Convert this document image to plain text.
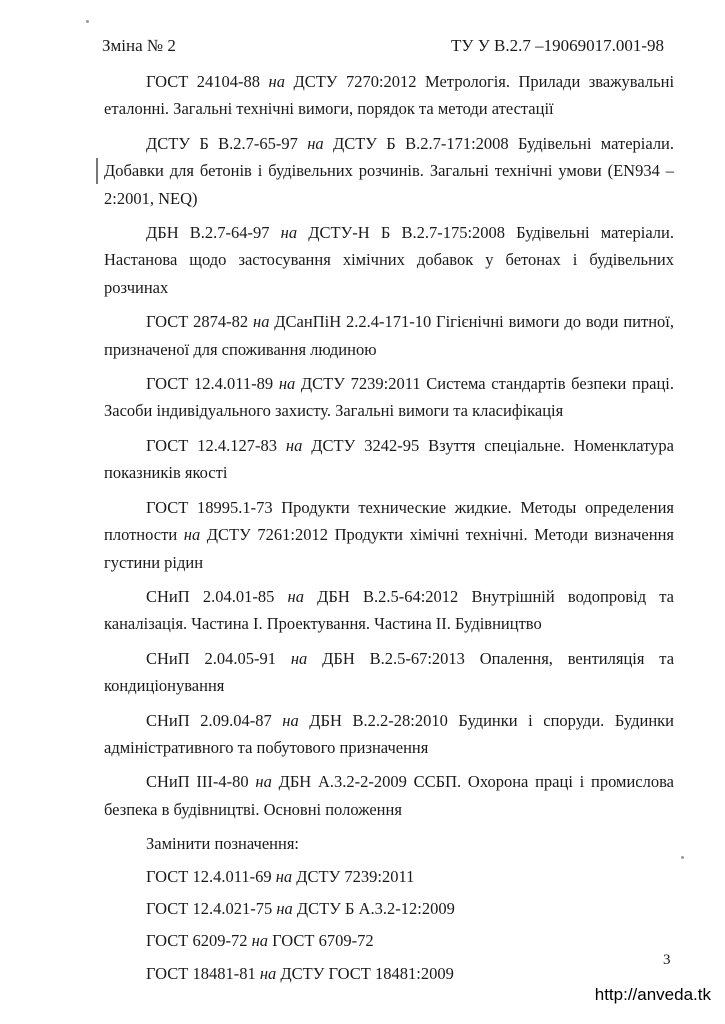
Зміна № 2	ТУ У В.2.7 –19069017.001-98

ГОСТ 24104-88 на ДСТУ 7270:2012 Метрологія. Прилади зважувальні еталонні. Загальні технічні вимоги, порядок та методи атестації

ДСТУ Б В.2.7-65-97 на ДСТУ Б В.2.7-171:2008 Будівельні матеріали. Добавки для бетонів і будівельних розчинів. Загальні технічні умови (EN934 – 2:2001, NEQ)

ДБН В.2.7-64-97 на ДСТУ-Н Б В.2.7-175:2008 Будівельні матеріали. Настанова щодо застосування хімічних добавок у бетонах і будівельних розчинах

ГОСТ 2874-82 на ДСанПіН 2.2.4-171-10 Гігієнічні вимоги до води питної, призначеної для споживання людиною

ГОСТ 12.4.011-89 на ДСТУ 7239:2011 Система стандартів безпеки праці. Засоби індивідуального захисту. Загальні вимоги та класифікація

ГОСТ 12.4.127-83 на ДСТУ 3242-95 Взуття спеціальне. Номенклатура показників якості

ГОСТ 18995.1-73 Продукти технические жидкие. Методы определения плотности на ДСТУ 7261:2012 Продукти хімічні технічні. Методи визначення густини рідин

СНиП 2.04.01-85 на ДБН В.2.5-64:2012 Внутрішній водопровід та каналізація. Частина І. Проектування. Частина ІІ. Будівництво

СНиП 2.04.05-91 на ДБН В.2.5-67:2013 Опалення, вентиляція та кондиціонування

СНиП 2.09.04-87 на ДБН В.2.2-28:2010 Будинки і споруди. Будинки адміністративного та побутового призначення

СНиП ІІІ-4-80 на ДБН А.3.2-2-2009 ССБП. Охорона праці і промислова безпека в будівництві. Основні положення

Замінити позначення:

ГОСТ 12.4.011-69 на ДСТУ 7239:2011

ГОСТ 12.4.021-75 на ДСТУ Б А.3.2-12:2009

ГОСТ 6209-72 на ГОСТ 6709-72

ГОСТ 18481-81 на ДСТУ ГОСТ 18481:2009

3
http://anveda.tk
